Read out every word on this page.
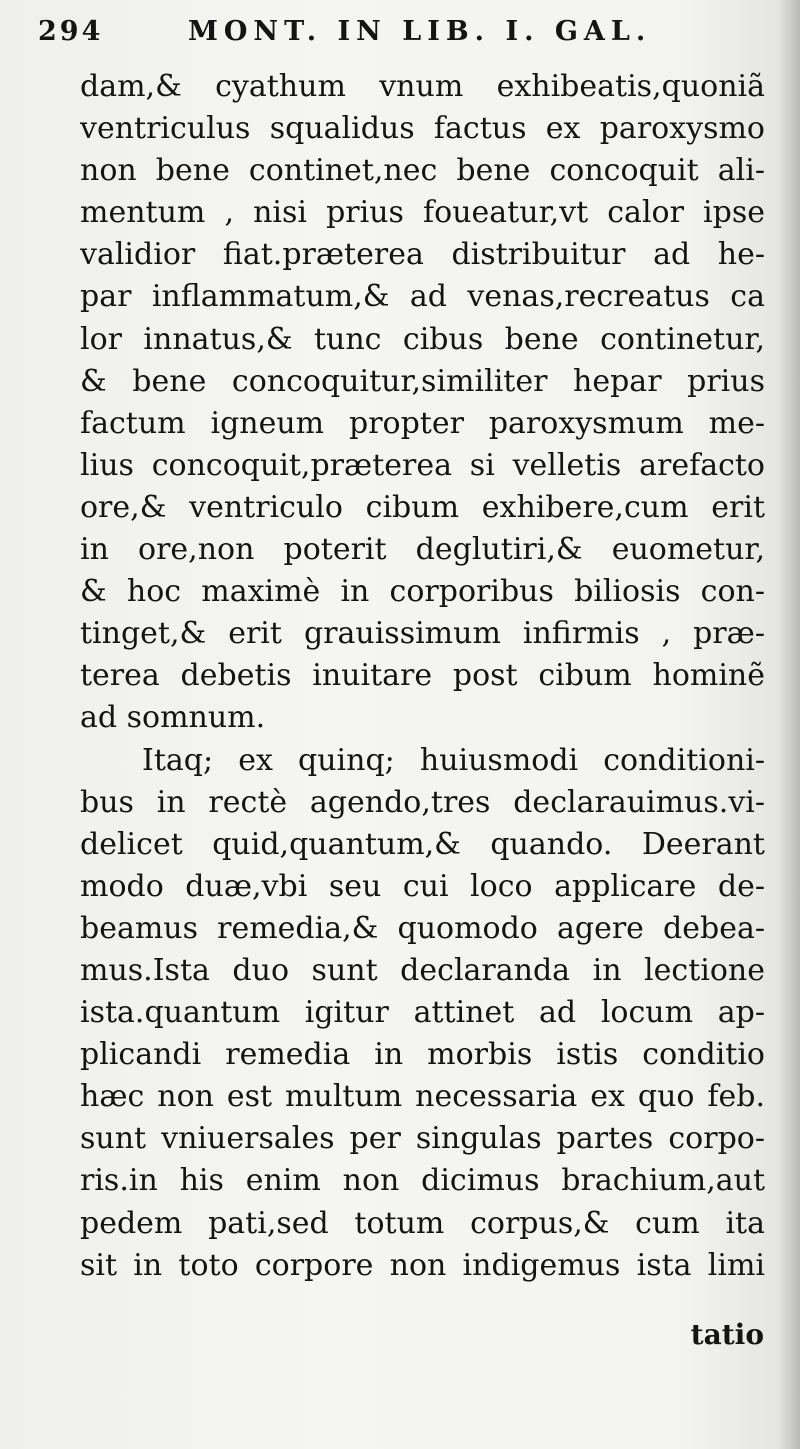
294	MONT. IN LIB. I. GAL.
dam,& cyathum vnum exhibeatis,quoniã
ventriculus squalidus factus ex paroxysmo
non bene continet,nec bene concoquit ali-
mentum , nisi prius foueatur,vt calor ipse
validior fiat.præterea distribuitur ad he-
par inflammatum,& ad venas,recreatus ca
lor innatus,& tunc cibus bene continetur,
& bene concoquitur,similiter hepar prius
factum igneum propter paroxysmum me-
lius concoquit,præterea si velletis arefacto
ore,& ventriculo cibum exhibere,cum erit
in ore,non poterit deglutiri,& euometur,
& hoc maximè in corporibus biliosis con-
tinget,& erit grauissimum infirmis , præ-
terea debetis inuitare post cibum hominẽ
ad somnum.
Itaq; ex quinq; huiusmodi conditioni-
bus in rectè agendo,tres declarauimus.vi-
delicet quid,quantum,& quando. Deerant
modo duæ,vbi seu cui loco applicare de-
beamus remedia,& quomodo agere debea-
mus.Ista duo sunt declaranda in lectione
ista.quantum igitur attinet ad locum ap-
plicandi remedia in morbis istis conditio
hæc non est multum necessaria ex quo feb.
sunt vniuersales per singulas partes corpo-
ris.in his enim non dicimus brachium,aut
pedem pati,sed totum corpus,& cum ita
sit in toto corpore non indigemus ista limi
tatio
